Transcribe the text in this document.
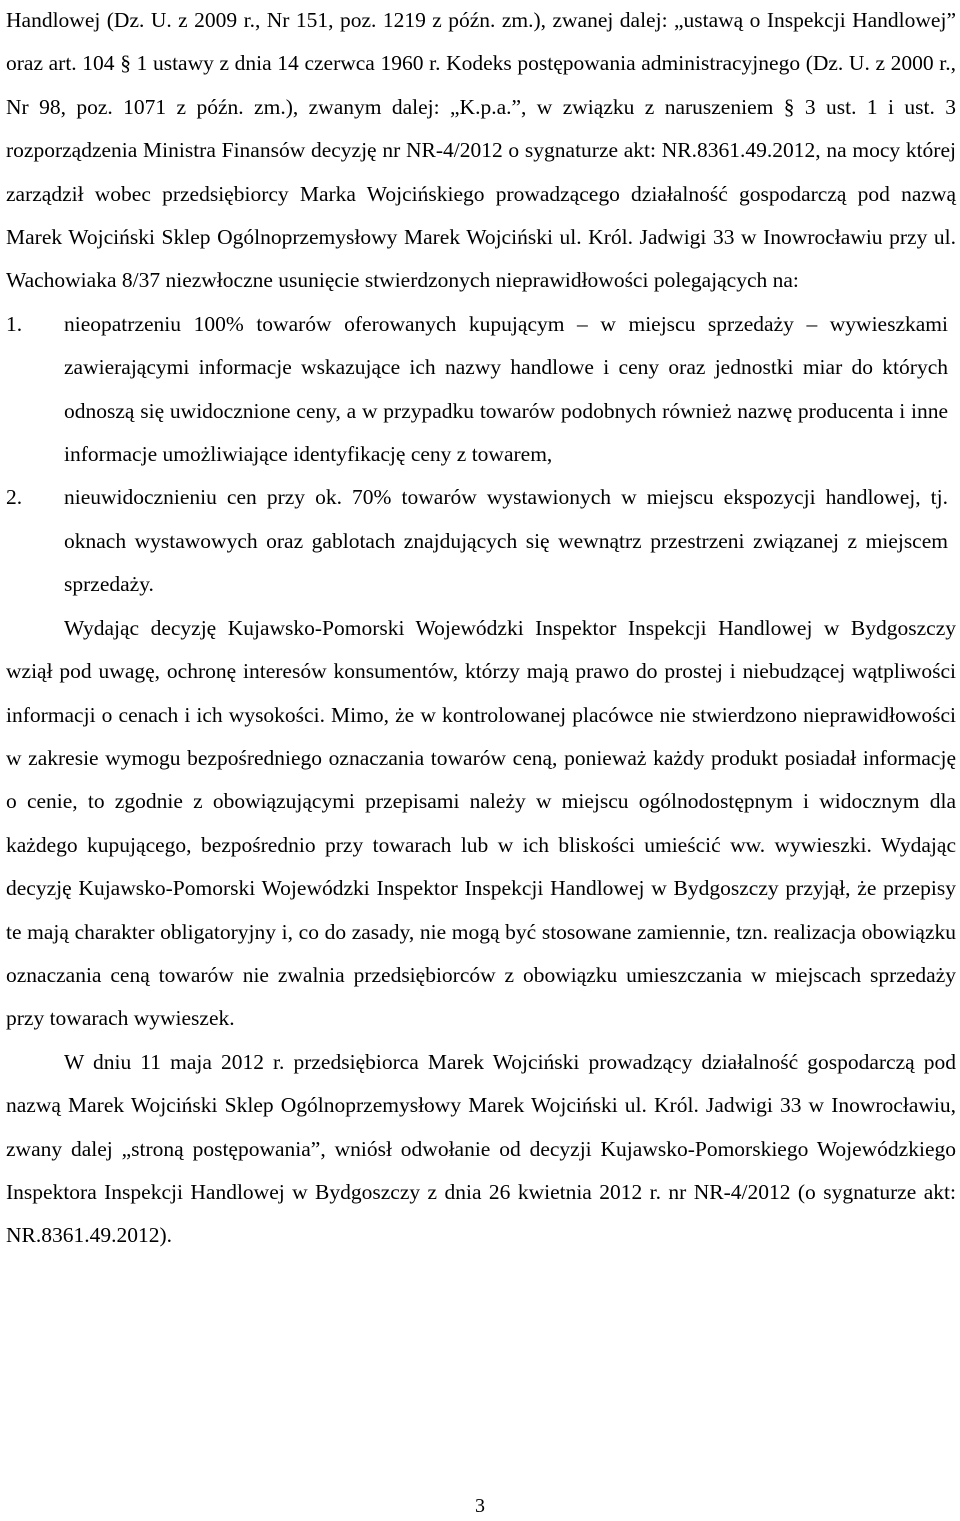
Handlowej (Dz. U. z 2009 r., Nr 151, poz. 1219 z późn. zm.), zwanej dalej: „ustawą o Inspekcji Handlowej” oraz art. 104 § 1 ustawy z dnia 14 czerwca 1960 r. Kodeks postępowania administracyjnego (Dz. U. z 2000 r., Nr 98, poz. 1071 z późn. zm.), zwanym dalej: „K.p.a.”, w związku z naruszeniem § 3 ust. 1 i ust. 3 rozporządzenia Ministra Finansów decyzję nr NR-4/2012 o sygnaturze akt: NR.8361.49.2012, na mocy której zarządził wobec przedsiębiorcy Marka Wojcińskiego prowadzącego działalność gospodarczą pod nazwą Marek Wojciński Sklep Ogólnoprzemysłowy Marek Wojciński ul. Król. Jadwigi 33 w Inowrocławiu przy ul. Wachowiaka 8/37 niezwłoczne usunięcie stwierdzonych nieprawidłowości polegających na:

1. nieopatrzeniu 100% towarów oferowanych kupującym – w miejscu sprzedaży – wywieszkami zawierającymi informacje wskazujące ich nazwy handlowe i ceny oraz jednostki miar do których odnoszą się uwidocznione ceny, a w przypadku towarów podobnych również nazwę producenta i inne informacje umożliwiające identyfikację ceny z towarem,
2. nieuwidocznieniu cen przy ok. 70% towarów wystawionych w miejscu ekspozycji handlowej, tj. oknach wystawowych oraz gablotach znajdujących się wewnątrz przestrzeni związanej z miejscem sprzedaży.

Wydając decyzję Kujawsko-Pomorski Wojewódzki Inspektor Inspekcji Handlowej w Bydgoszczy wziął pod uwagę, ochronę interesów konsumentów, którzy mają prawo do prostej i niebudzącej wątpliwości informacji o cenach i ich wysokości. Mimo, że w kontrolowanej placówce nie stwierdzono nieprawidłowości w zakresie wymogu bezpośredniego oznaczania towarów ceną, ponieważ każdy produkt posiadał informację o cenie, to zgodnie z obowiązującymi przepisami należy w miejscu ogólnodostępnym i widocznym dla każdego kupującego, bezpośrednio przy towarach lub w ich bliskości umieścić ww. wywieszki. Wydając decyzję Kujawsko-Pomorski Wojewódzki Inspektor Inspekcji Handlowej w Bydgoszczy przyjął, że przepisy te mają charakter obligatoryjny i, co do zasady, nie mogą być stosowane zamiennie, tzn. realizacja obowiązku oznaczania ceną towarów nie zwalnia przedsiębiorców z obowiązku umieszczania w miejscach sprzedaży przy towarach wywieszek.

W dniu 11 maja 2012 r. przedsiębiorca Marek Wojciński prowadzący działalność gospodarczą pod nazwą Marek Wojciński Sklep Ogólnoprzemysłowy Marek Wojciński ul. Król. Jadwigi 33 w Inowrocławiu, zwany dalej „stroną postępowania”, wniósł odwołanie od decyzji Kujawsko-Pomorskiego Wojewódzkiego Inspektora Inspekcji Handlowej w Bydgoszczy z dnia 26 kwietnia 2012 r. nr NR-4/2012 (o sygnaturze akt: NR.8361.49.2012).

3
